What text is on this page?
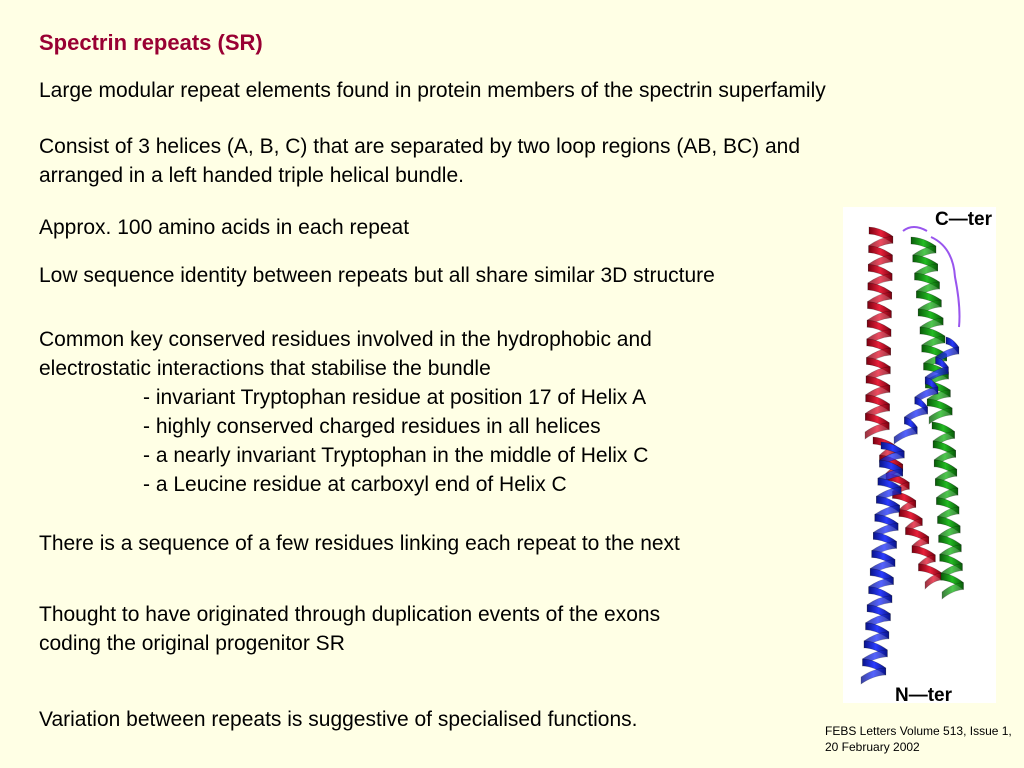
Spectrin repeats (SR)

Large modular repeat elements found in protein members of the spectrin superfamily

Consist of 3 helices (A, B, C) that are separated by two loop regions (AB, BC) and
arranged in a left handed triple helical bundle.

Approx. 100 amino acids in each repeat

Low sequence identity between repeats but all share similar 3D structure

Common key conserved residues involved in the hydrophobic and
electrostatic interactions that stabilise the bundle
- invariant Tryptophan residue at position 17 of Helix A
- highly conserved charged residues in all helices
- a nearly invariant Tryptophan in the middle of Helix C
- a Leucine residue at carboxyl end of Helix C

There is a sequence of a few residues linking each repeat to the next

Thought to have originated through duplication events of the exons
coding the original progenitor SR

Variation between repeats is suggestive of specialised functions.

C—ter
N—ter

FEBS Letters Volume 513, Issue 1, 20 February 2002
